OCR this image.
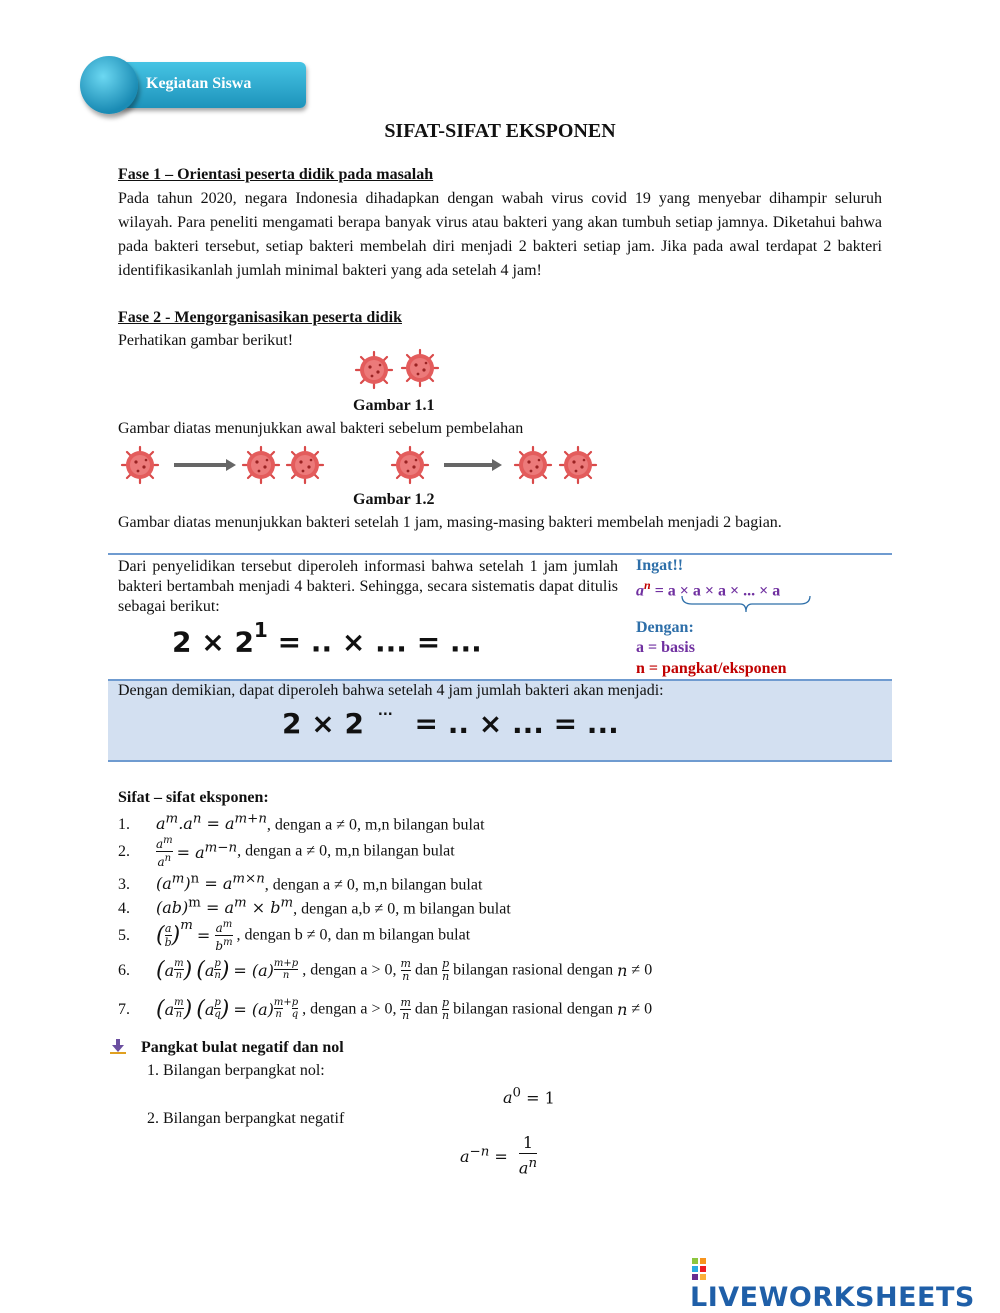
Kegiatan Siswa
SIFAT-SIFAT EKSPONEN
Fase 1 – Orientasi peserta didik pada masalah
Pada tahun 2020, negara Indonesia dihadapkan dengan wabah virus covid 19 yang menyebar dihampir seluruh wilayah. Para peneliti mengamati berapa banyak virus atau bakteri yang akan tumbuh setiap jamnya. Diketahui bahwa pada bakteri tersebut, setiap bakteri membelah diri menjadi 2 bakteri setiap jam. Jika pada awal terdapat 2 bakteri identifikasikanlah jumlah minimal bakteri yang ada setelah 4 jam!
Fase 2 - Mengorganisasikan peserta didik
Perhatikan gambar berikut!
Gambar 1.1
Gambar diatas menunjukkan awal bakteri sebelum pembelahan
Gambar 1.2
Gambar diatas menunjukkan bakteri setelah 1 jam, masing-masing bakteri membelah menjadi 2 bagian.
Dari penyelidikan tersebut diperoleh informasi bahwa setelah 1 jam jumlah bakteri bertambah menjadi 4 bakteri. Sehingga, secara sistematis dapat ditulis sebagai berikut:
$2 \times 2^1$ = .. × ... = ...
Ingat!!
$a^n = a \times a \times a$ × ... × a
Dengan:
a = basis
n = pangkat/eksponen
Dengan demikian, dapat diperoleh bahwa setelah 4 jam jumlah bakteri akan menjadi:
2 × 2 ... = .. × ... = ...
Sifat – sifat eksponen:
1. $a^m.a^n = a^{m+n}$, dengan a ≠ 0, m,n bilangan bulat
2. $\frac{a^m}{a^n} = a^{m-n}$, dengan a ≠ 0, m,n bilangan bulat
3. $(a^m)^n = a^{m\times n}$, dengan a ≠ 0, m,n bilangan bulat
4. $(ab)^m = a^m \times b^m$, dengan a,b ≠ 0, m bilangan bulat
5. ( $\frac{a}{b} )^m = \frac{a^m}{b^m}$ , dengan b ≠ 0, dan m bilangan bulat
6. ($a \frac{m}{n}$ ) ($a \frac{p}{n}$ ) = $(a) \frac{m+p}{n}$ , dengan a > 0, $\frac{m}{n}$ dan $\frac{p}{n}$ bilangan rasional dengan n ≠ 0
7. ($a \frac{m}{n}$ ) ($a \frac{p}{q}$ ) = $(a) \frac{m}{n} ^+ \frac{p}{q}$ , dengan a > 0, $\frac{m}{n}$ dan $\frac{p}{n}$ bilangan rasional dengan n ≠ 0
Pangkat bulat negatif dan nol
1. Bilangan berpangkat nol:
$a^0 = 1$
2. Bilangan berpangkat negatif
$a^{-n} = \frac{1}{a^n}$
LIVEWORKSHEETS
